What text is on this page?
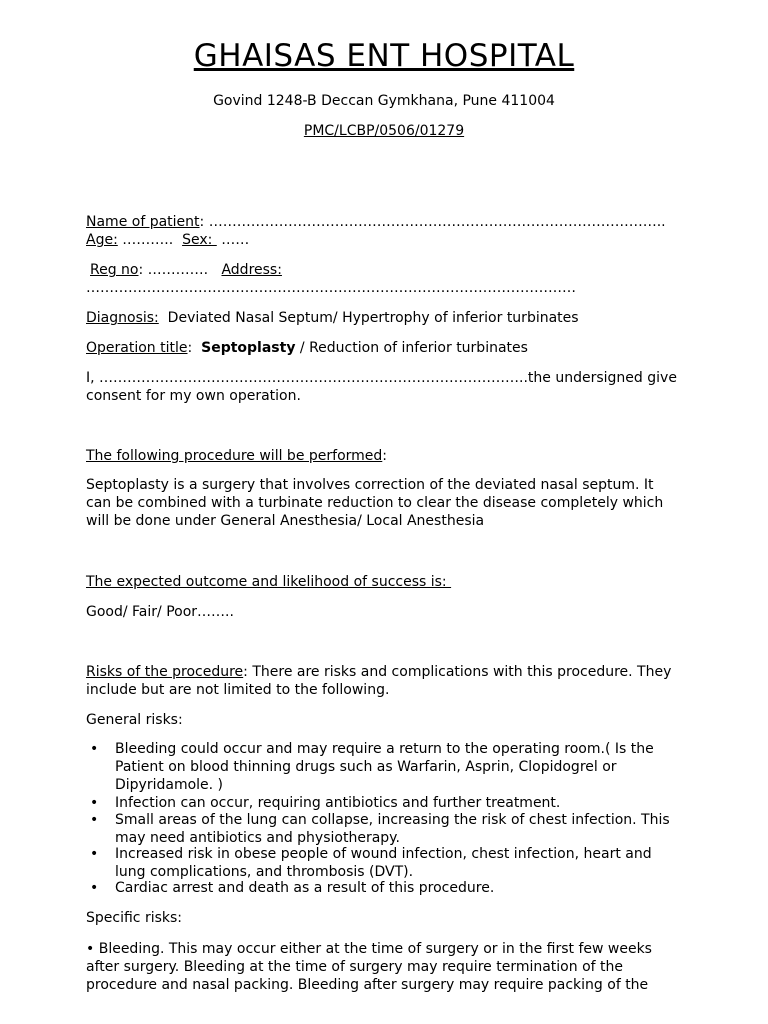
GHAISAS ENT HOSPITAL
Govind 1248-B Deccan Gymkhana, Pune 411004
PMC/LCBP/0506/01279
Name of patient: ……………………………………………………………………………………..
Age: ………..  Sex:  ……
Reg no: ………….   Address:
……………………………………………………………………………………………
Diagnosis:  Deviated Nasal Septum/ Hypertrophy of inferior turbinates
Operation title:  Septoplasty / Reduction of inferior turbinates
I, ………………………………………………………………………………..the undersigned give consent for my own operation.
The following procedure will be performed:
Septoplasty is a surgery that involves correction of the deviated nasal septum. It can be combined with a turbinate reduction to clear the disease completely which will be done under General Anesthesia/ Local Anesthesia
The expected outcome and likelihood of success is:
Good/ Fair/ Poor……..
Risks of the procedure: There are risks and complications with this procedure. They include but are not limited to the following.
General risks:
• Bleeding could occur and may require a return to the operating room.( Is the Patient on blood thinning drugs such as Warfarin, Asprin, Clopidogrel or Dipyridamole. )
• Infection can occur, requiring antibiotics and further treatment.
• Small areas of the lung can collapse, increasing the risk of chest infection. This may need antibiotics and physiotherapy.
• Increased risk in obese people of wound infection, chest infection, heart and lung complications, and thrombosis (DVT).
• Cardiac arrest and death as a result of this procedure.
Specific risks:
• Bleeding. This may occur either at the time of surgery or in the first few weeks after surgery. Bleeding at the time of surgery may require termination of the procedure and nasal packing. Bleeding after surgery may require packing of the
